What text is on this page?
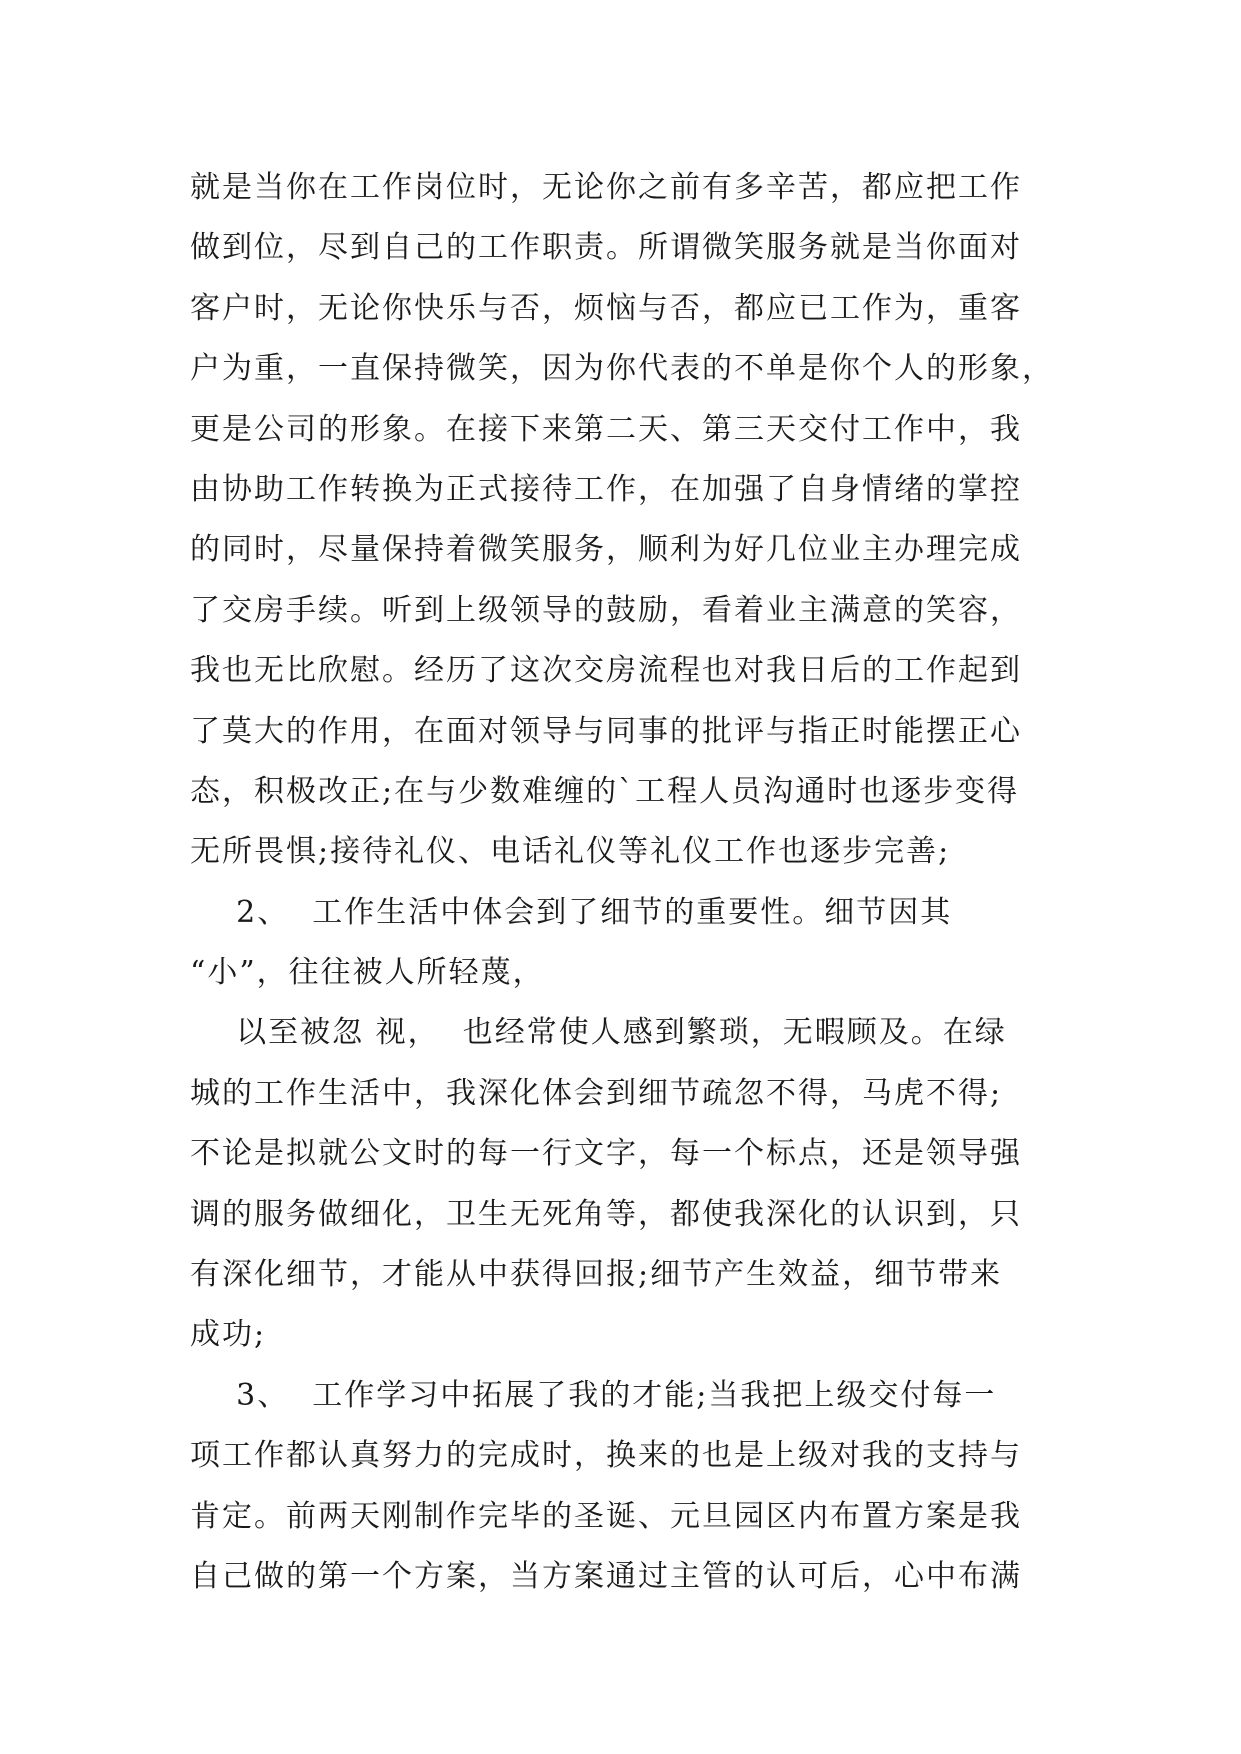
就是当你在工作岗位时，无论你之前有多辛苦，都应把工作
做到位，尽到自己的工作职责。所谓微笑服务就是当你面对
客户时，无论你快乐与否，烦恼与否，都应已工作为，重客
户为重，一直保持微笑，因为你代表的不单是你个人的形象，
更是公司的形象。在接下来第二天、第三天交付工作中，我
由协助工作转换为正式接待工作，在加强了自身情绪的掌控
的同时，尽量保持着微笑服务，顺利为好几位业主办理完成
了交房手续。听到上级领导的鼓励，看着业主满意的笑容，
我也无比欣慰。经历了这次交房流程也对我日后的工作起到
了莫大的作用，在面对领导与同事的批评与指正时能摆正心
态，积极改正;在与少数难缠的`工程人员沟通时也逐步变得
无所畏惧;接待礼仪、电话礼仪等礼仪工作也逐步完善;
2、  工作生活中体会到了细节的重要性。细节因其
“小”，往往被人所轻蔑，
以至被忽 视，  也经常使人感到繁琐，无暇顾及。在绿
城的工作生活中，我深化体会到细节疏忽不得，马虎不得;
不论是拟就公文时的每一行文字，每一个标点，还是领导强
调的服务做细化，卫生无死角等，都使我深化的认识到，只
有深化细节，才能从中获得回报;细节产生效益，细节带来
成功;
3、  工作学习中拓展了我的才能;当我把上级交付每一
项工作都认真努力的完成时，换来的也是上级对我的支持与
肯定。前两天刚制作完毕的圣诞、元旦园区内布置方案是我
自己做的第一个方案，当方案通过主管的认可后，心中布满
